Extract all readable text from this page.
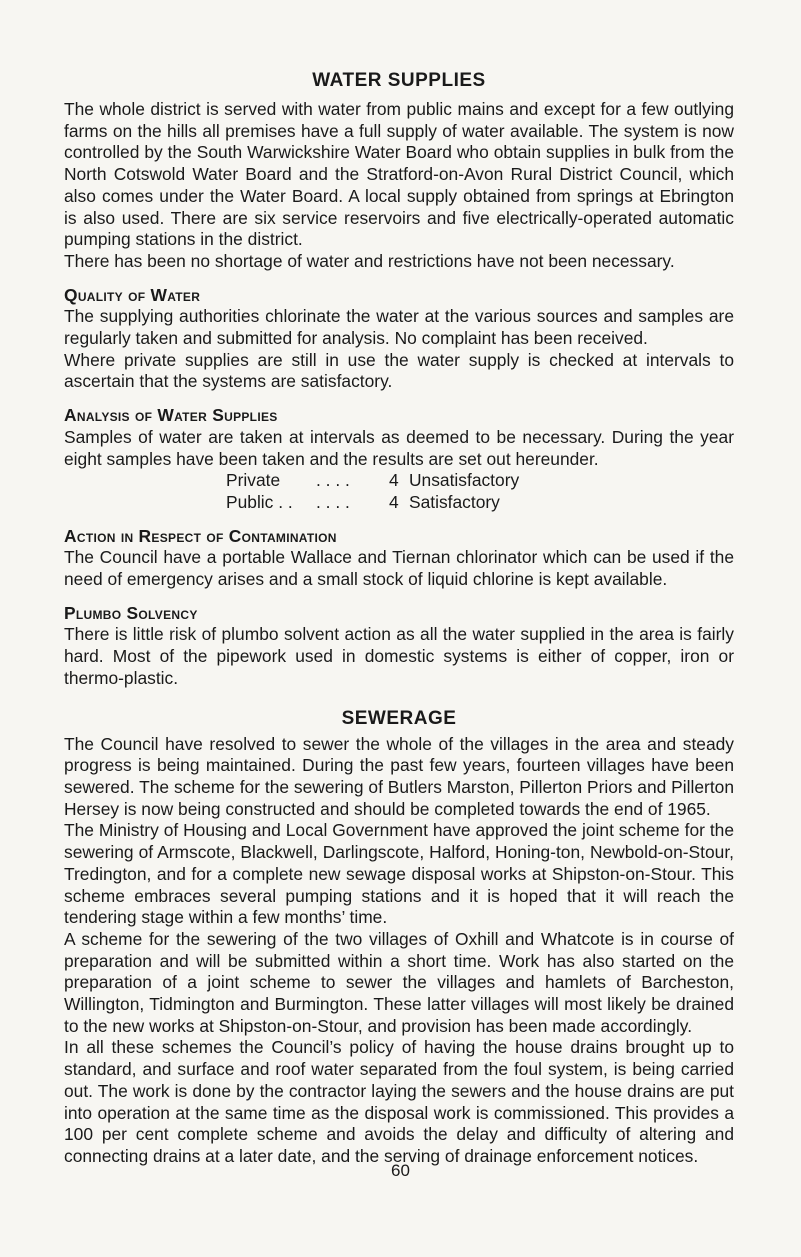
WATER SUPPLIES

The whole district is served with water from public mains and except for a few outlying farms on the hills all premises have a full supply of water available. The system is now controlled by the South Warwickshire Water Board who obtain supplies in bulk from the North Cotswold Water Board and the Stratford-on-Avon Rural District Council, which also comes under the Water Board. A local supply obtained from springs at Ebrington is also used. There are six service reservoirs and five electrically-operated automatic pumping stations in the district.

There has been no shortage of water and restrictions have not been necessary.

Quality of Water

The supplying authorities chlorinate the water at the various sources and samples are regularly taken and submitted for analysis. No complaint has been received.

Where private supplies are still in use the water supply is checked at intervals to ascertain that the systems are satisfactory.

Analysis of Water Supplies

Samples of water are taken at intervals as deemed to be necessary. During the year eight samples have been taken and the results are set out hereunder.

Private	. . . .	4 Unsatisfactory
Public . .	. . . .	4 Satisfactory
Action in Respect of Contamination

The Council have a portable Wallace and Tiernan chlorinator which can be used if the need of emergency arises and a small stock of liquid chlorine is kept available.

Plumbo Solvency

There is little risk of plumbo solvent action as all the water supplied in the area is fairly hard. Most of the pipework used in domestic systems is either of copper, iron or thermo-plastic.

SEWERAGE

The Council have resolved to sewer the whole of the villages in the area and steady progress is being maintained. During the past few years, fourteen villages have been sewered. The scheme for the sewering of Butlers Marston, Pillerton Priors and Pillerton Hersey is now being constructed and should be completed towards the end of 1965.

The Ministry of Housing and Local Government have approved the joint scheme for the sewering of Armscote, Blackwell, Darlingscote, Halford, Honing-ton, Newbold-on-Stour, Tredington, and for a complete new sewage disposal works at Shipston-on-Stour. This scheme embraces several pumping stations and it is hoped that it will reach the tendering stage within a few months’ time.

A scheme for the sewering of the two villages of Oxhill and Whatcote is in course of preparation and will be submitted within a short time. Work has also started on the preparation of a joint scheme to sewer the villages and hamlets of Barcheston, Willington, Tidmington and Burmington. These latter villages will most likely be drained to the new works at Shipston-on-Stour, and provision has been made accordingly.

In all these schemes the Council’s policy of having the house drains brought up to standard, and surface and roof water separated from the foul system, is being carried out. The work is done by the contractor laying the sewers and the house drains are put into operation at the same time as the disposal work is commissioned. This provides a 100 per cent complete scheme and avoids the delay and difficulty of altering and connecting drains at a later date, and the serving of drainage enforcement notices.

60
